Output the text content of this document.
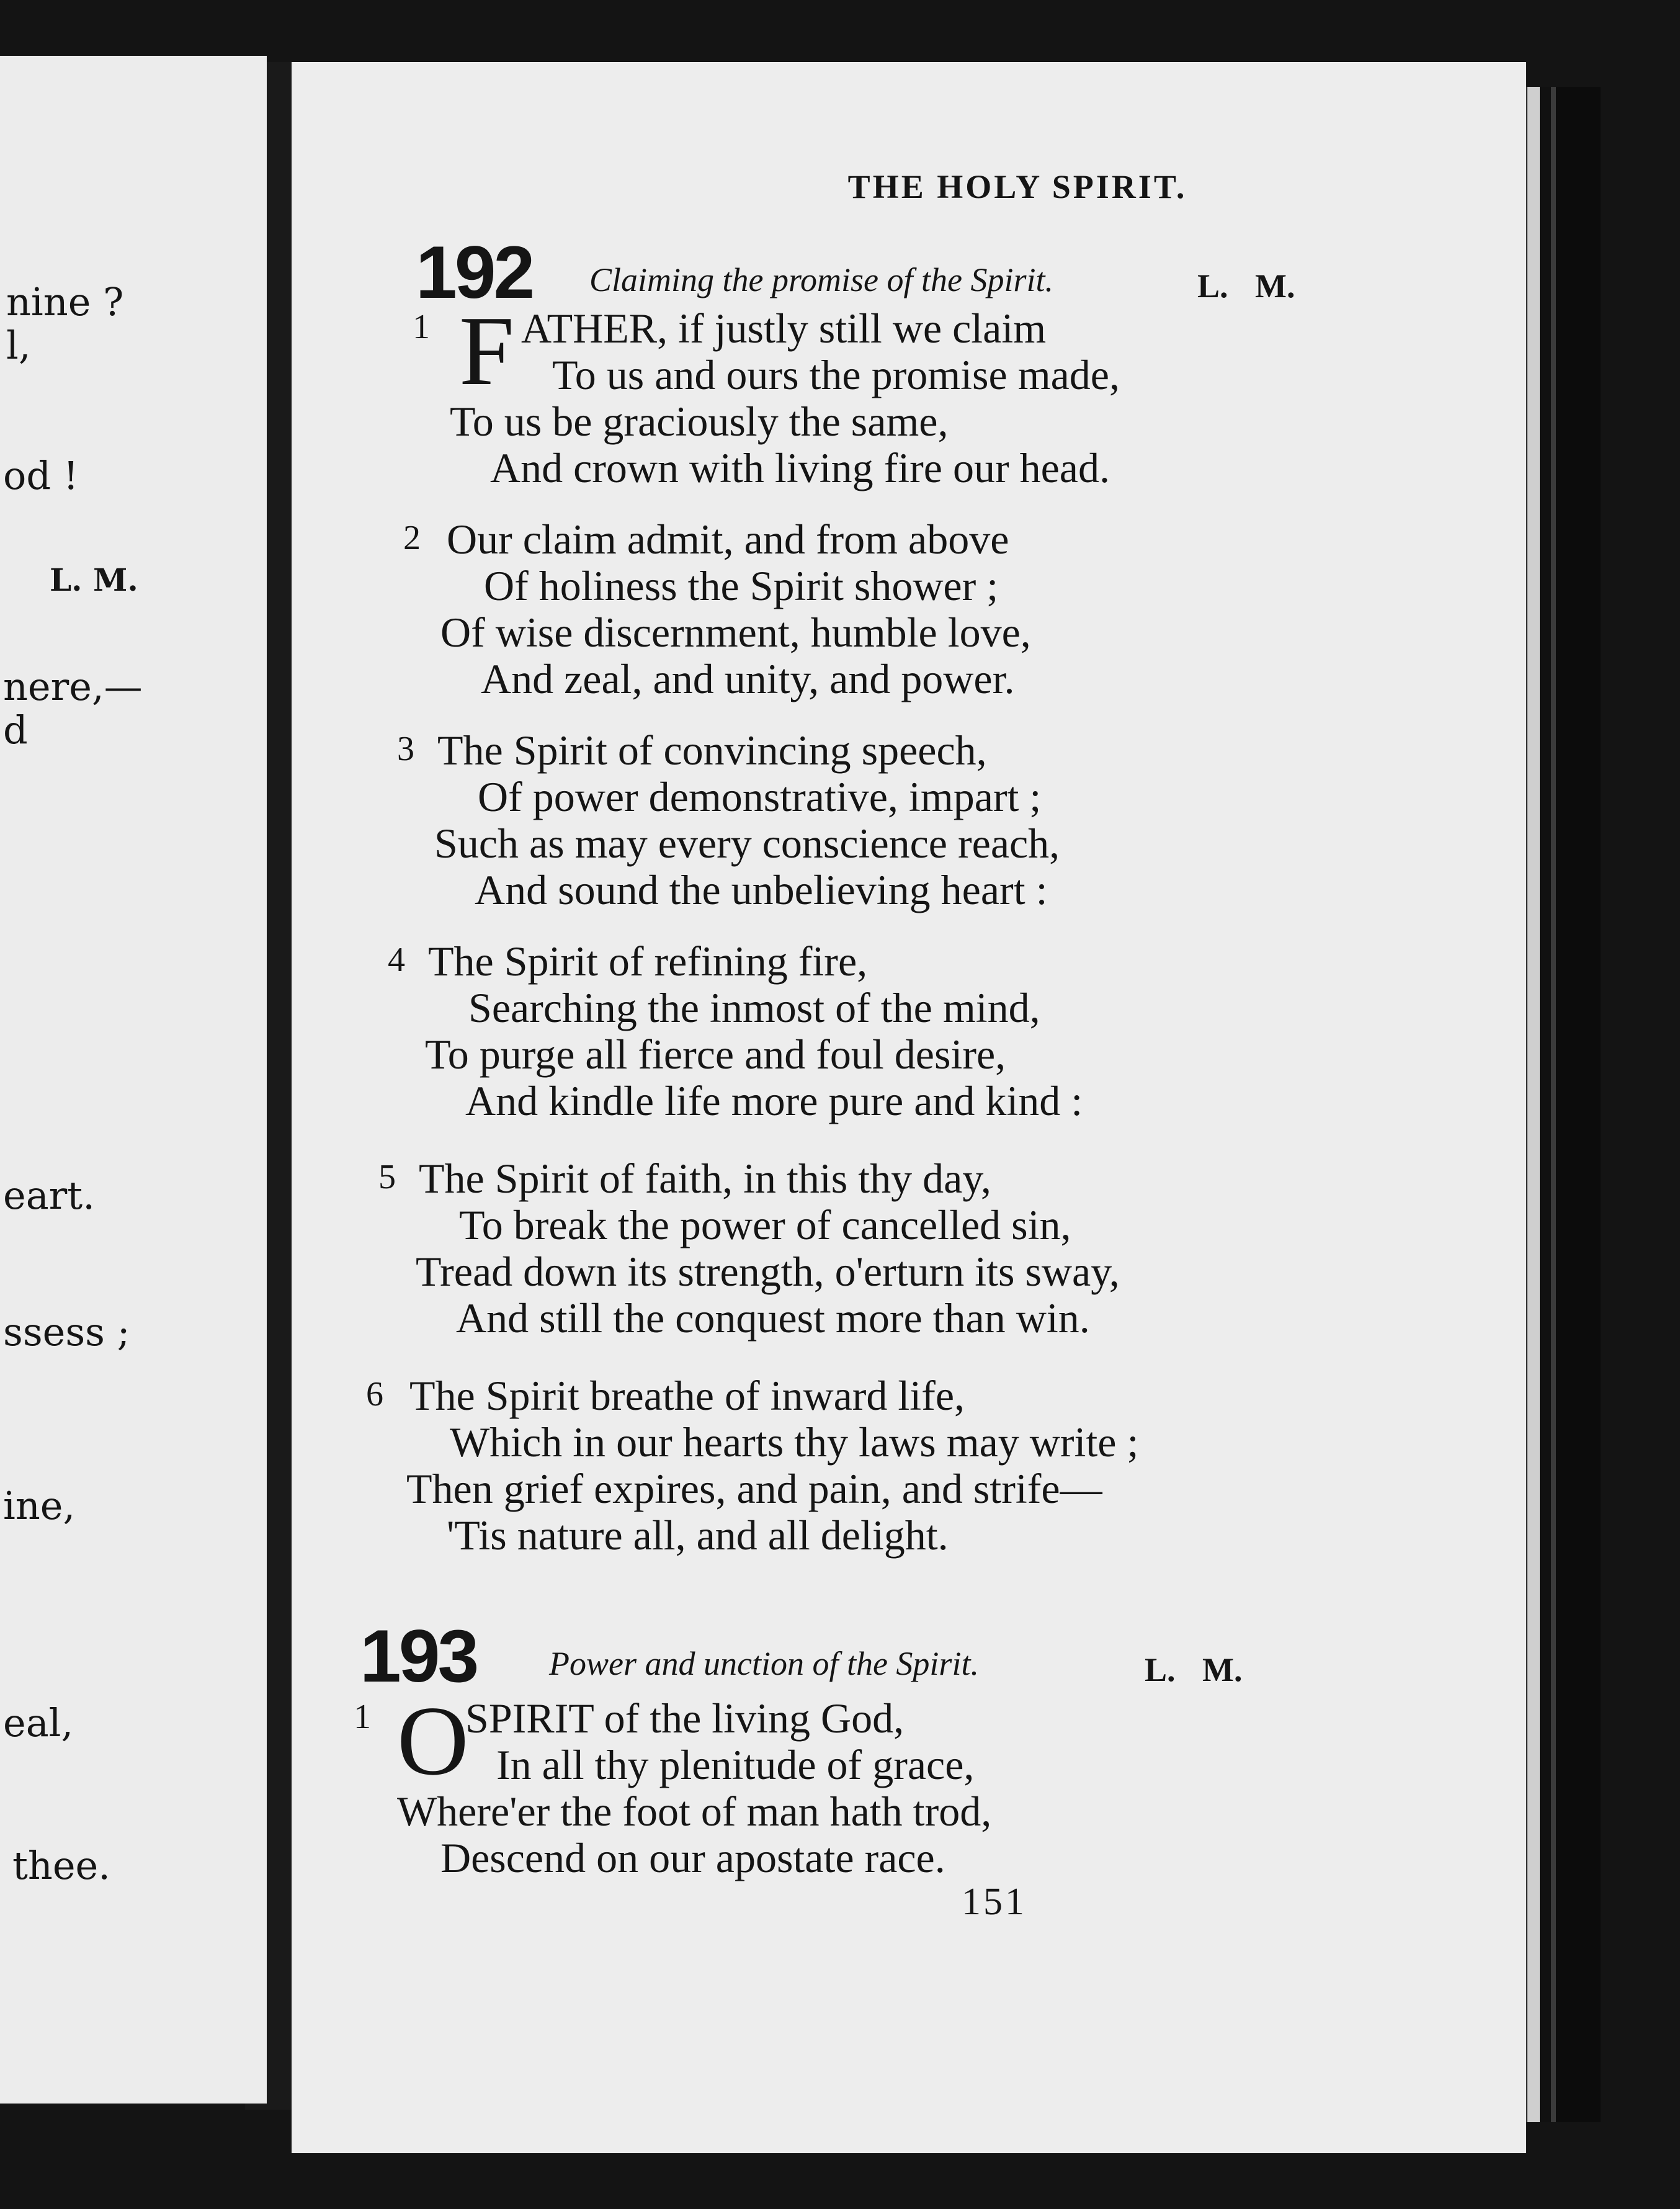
nine ?
l,
od !
L. M.
nere,—
d
eart.
ssess ;
ine,
eal,
thee.
THE HOLY SPIRIT.
192 Claiming the promise of the Spirit.	L. M.
1 F ATHER, if justly still we claim
To us and ours the promise made,
To us be graciously the same,
And crown with living fire our head.
2 Our claim admit, and from above
Of holiness the Spirit shower ;
Of wise discernment, humble love,
And zeal, and unity, and power.
3 The Spirit of convincing speech,
Of power demonstrative, impart ;
Such as may every conscience reach,
And sound the unbelieving heart :
4 The Spirit of refining fire,
Searching the inmost of the mind,
To purge all fierce and foul desire,
And kindle life more pure and kind :
5 The Spirit of faith, in this thy day,
To break the power of cancelled sin,
Tread down its strength, o'erturn its sway,
And still the conquest more than win.
6 The Spirit breathe of inward life,
Which in our hearts thy laws may write ;
Then grief expires, and pain, and strife—
'Tis nature all, and all delight.
193 Power and unction of the Spirit.	L. M.
1 O
SPIRIT of the living God,
In all thy plenitude of grace,
Where'er the foot of man hath trod,
Descend on our apostate race.
151
